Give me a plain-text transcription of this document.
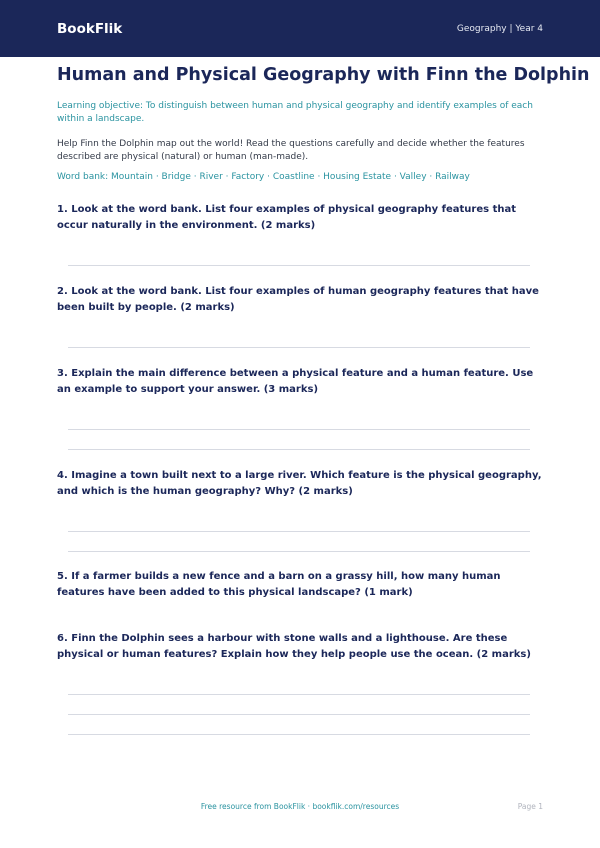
BookFlik	Geography | Year 4
Human and Physical Geography with Finn the Dolphin

Learning objective: To distinguish between human and physical geography and identify examples of each within a landscape.

Help Finn the Dolphin map out the world! Read the questions carefully and decide whether the features described are physical (natural) or human (man-made).

Word bank: Mountain · Bridge · River · Factory · Coastline · Housing Estate · Valley · Railway

1. Look at the word bank. List four examples of physical geography features that occur naturally in the environment. (2 marks)

2. Look at the word bank. List four examples of human geography features that have been built by people. (2 marks)

3. Explain the main difference between a physical feature and a human feature. Use an example to support your answer. (3 marks)

4. Imagine a town built next to a large river. Which feature is the physical geography, and which is the human geography? Why? (2 marks)

5. If a farmer builds a new fence and a barn on a grassy hill, how many human features have been added to this physical landscape? (1 mark)

6. Finn the Dolphin sees a harbour with stone walls and a lighthouse. Are these physical or human features? Explain how they help people use the ocean. (2 marks)

Free resource from BookFlik · bookflik.com/resources	Page 1
